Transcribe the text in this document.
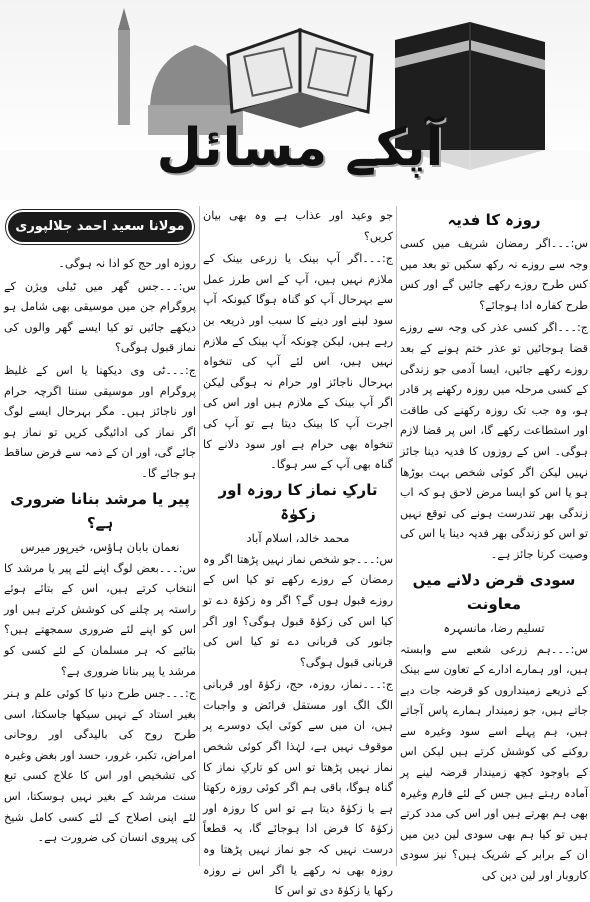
آپکے مسائل
روزہ کا فدیہ

س:۔۔۔اگر رمضان شریف میں کسی وجہ سے روزے نہ رکھ سکیں تو بعد میں کس طرح روزے رکھے جائیں گے اور کس طرح کفارہ ادا ہوجائے؟

ج:۔۔۔اگر کسی عذر کی وجہ سے روزے قضا ہوجائیں تو عذر ختم ہونے کے بعد روزے رکھے جائیں، ایسا آدمی جو زندگی کے کسی مرحلہ میں روزہ رکھنے پر قادر ہو، وہ جب تک روزہ رکھنے کی طاقت اور استطاعت رکھے گا، اس پر قضا لازم ہوگی۔ اس کے روزوں کا فدیہ دینا جائز نہیں لیکن اگر کوئی شخص بہت بوڑھا ہو یا اس کو ایسا مرض لاحق ہو کہ اب زندگی بھر تندرست ہونے کی توقع نہیں تو اس کو زندگی بھر فدیہ دینا یا اس کی وصیت کرنا جائز ہے۔

سودی قرض دلانے میں معاونت
تسلیم رضا، مانسہرہ

س:۔۔۔ہم زرعی شعبے سے وابستہ ہیں، اور ہمارے ادارے کے تعاون سے بینک کے ذریعے زمینداروں کو قرضہ جات دیے جاتے ہیں، جو زمیندار ہمارے پاس آجاتے ہیں، ہم پہلے اسے سود وغیرہ سے روکنے کی کوشش کرتے ہیں لیکن اس کے باوجود کچھ زمیندار قرضہ لینے پر آمادہ رہتے ہیں جس کے لئے فارم وغیرہ بھی ہم بھرتے ہیں اور اس کی مدد کرتے ہیں تو کیا ہم بھی سودی لین دین میں ان کے برابر کے شریک ہیں؟ نیز سودی کاروبار اور لین دین کی

جو وعید اور عذاب ہے وہ بھی بیان کریں؟

ج:۔۔۔اگر آپ بینک یا زرعی بینک کے ملازم نہیں ہیں، آپ کے اس طرز عمل سے بہرحال آپ کو گناہ ہوگا کیونکہ آپ سود لینے اور دینے کا سبب اور ذریعہ بن رہے ہیں، لیکن چونکہ آپ بینک کے ملازم نہیں ہیں، اس لئے آپ کی تنخواہ بہرحال ناجائز اور حرام نہ ہوگی لیکن اگر آپ بینک کے ملازم ہیں اور اس کی اجرت آپ کا بینک دیتا ہے تو آپ کی تنخواہ بھی حرام ہے اور سود دلانے کا گناہ بھی آپ کے سر ہوگا۔

تارکِ نماز کا روزہ اور زکوٰۃ
محمد خالد، اسلام آباد

س:۔۔۔جو شخص نماز نہیں پڑھتا اگر وہ رمضان کے روزے رکھے تو کیا اس کے روزے قبول ہوں گے؟ اگر وہ زکوٰۃ دے تو کیا اس کی زکوٰۃ قبول ہوگی؟ اور اگر جانور کی قربانی دے تو کیا اس کی قربانی قبول ہوگی؟

ج:۔۔۔نماز، روزہ، حج، زکوٰۃ اور قربانی الگ الگ اور مستقل فرائض و واجبات ہیں، ان میں سے کوئی ایک دوسرے پر موقوف نہیں ہے، لہٰذا اگر کوئی شخص نماز نہیں پڑھتا تو اس کو تارکِ نماز کا گناہ ہوگا، باقی ہم اگر کوئی روزہ رکھتا ہے یا زکوٰۃ دیتا ہے تو اس کا روزہ اور زکوٰۃ کا فرض ادا ہوجائے گا، یہ قطعاً درست نہیں کہ جو نماز نہیں پڑھتا وہ روزہ بھی نہ رکھے یا اگر اس نے روزہ رکھا یا زکوٰۃ دی تو اس کا

مولانا سعید احمد جلالپوری

روزہ اور حج کو ادا نہ ہوگی۔

س:۔۔۔جس گھر میں ٹیلی ویژن کے پروگرام جن میں موسیقی بھی شامل ہو دیکھے جائیں تو کیا ایسے گھر والوں کی نماز قبول ہوگی؟

ج:۔۔۔ٹی وی دیکھنا یا اس کے غلیظ پروگرام اور موسیقی سننا اگرچہ حرام اور ناجائز ہیں۔ مگر بہرحال ایسے لوگ اگر نماز کی ادائیگی کریں تو نماز ہو جائے گی، اور ان کے ذمہ سے فرض ساقط ہو جائے گا۔

پیر یا مرشد بنانا ضروری ہے؟
نعمان بابان ہاؤس، خیرپور میرس

س:۔۔۔بعض لوگ اپنے لئے پیر یا مرشد کا انتخاب کرتے ہیں، اس کے بتائے ہوئے راستہ پر چلنے کی کوشش کرتے ہیں اور اس کو اپنے لئے ضروری سمجھتے ہیں؟ بتائیے کہ ہر مسلمان کے لئے کسی کو مرشد یا پیر بنانا ضروری ہے؟

ج:۔۔۔جس طرح دنیا کا کوئی علم و ہنر بغیر استاد کے نہیں سیکھا جاسکتا، اسی طرح روح کی بالیدگی اور روحانی امراض، تکبر، غرور، حسد اور بغض وغیرہ کی تشخیص اور اس کا علاج کسی تبع سنت مرشد کے بغیر نہیں ہوسکتا، اس لئے اپنی اصلاح کے لئے کسی کامل شیخ کی پیروی انسان کی ضرورت ہے۔
